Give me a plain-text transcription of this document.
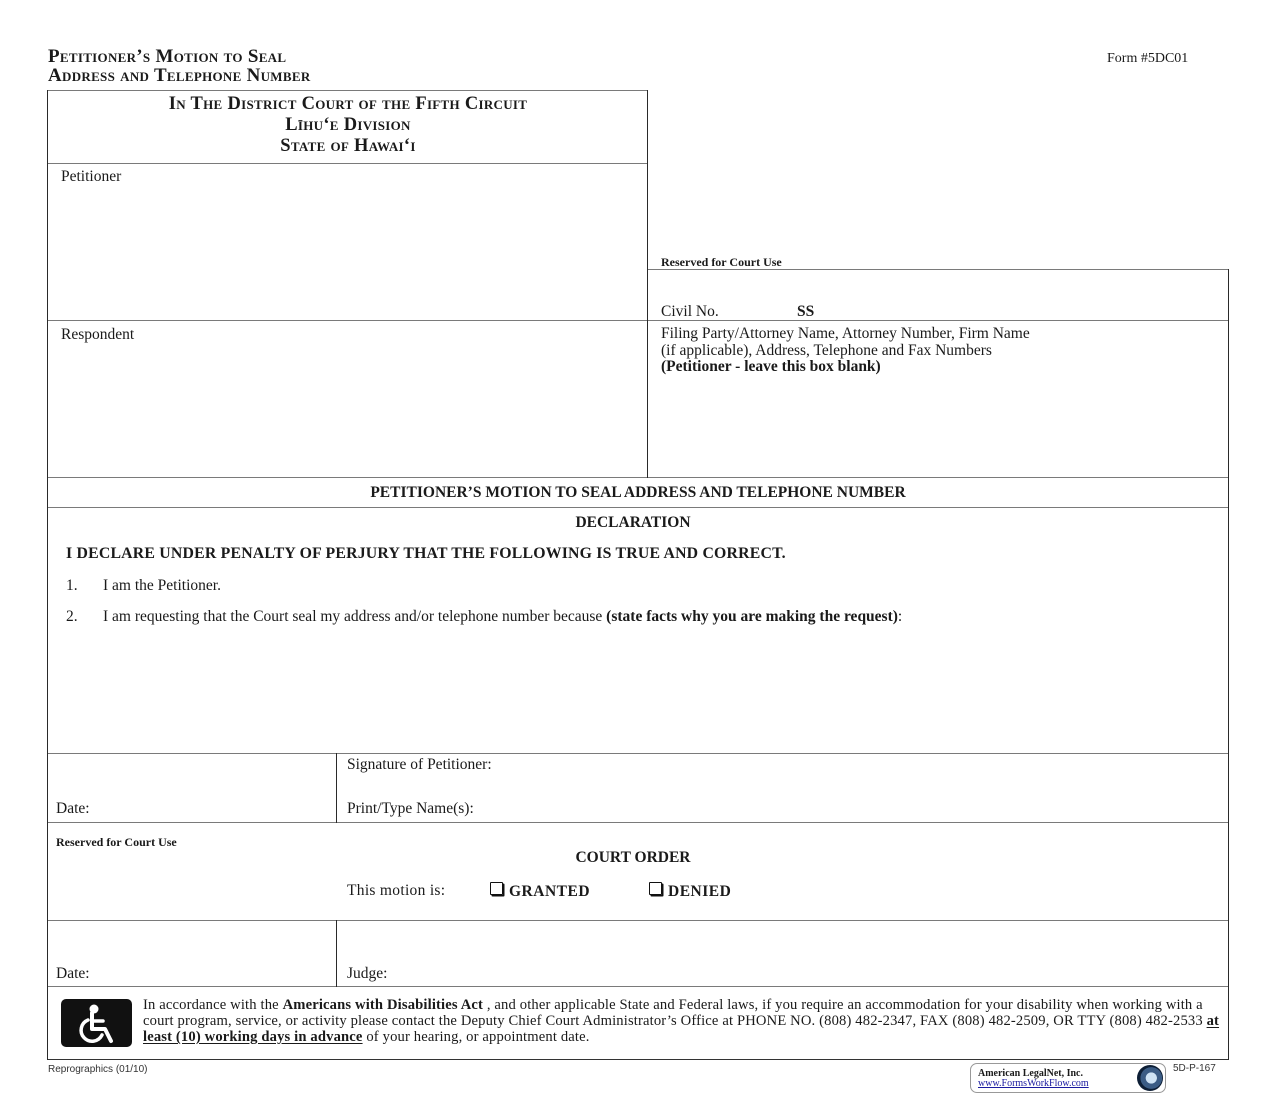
Petitioner’s Motion to Seal
Address and Telephone Number
Form #5DC01
In The District Court of the Fifth Circuit
Līhu‘e Division
State of Hawai‘i
Petitioner
Respondent
Reserved for Court Use
Civil No.	SS
Filing Party/Attorney Name, Attorney Number, Firm Name
(if applicable), Address, Telephone and Fax Numbers
(Petitioner - leave this box blank)
PETITIONER’S MOTION TO SEAL ADDRESS AND TELEPHONE NUMBER
DECLARATION
I DECLARE UNDER PENALTY OF PERJURY THAT THE FOLLOWING IS TRUE AND CORRECT.
1. I am the Petitioner.
2. I am requesting that the Court seal my address and/or telephone number because (state facts why you are making the request):
Date:
Signature of Petitioner:
Print/Type Name(s):
Reserved for Court Use
COURT ORDER
This motion is:	GRANTED	DENIED
Date:	Judge:
In accordance with the Americans with Disabilities Act , and other applicable State and Federal laws, if you require an accommodation for your disability when working with a court program, service, or activity please contact the Deputy Chief Court Administrator’s Office at PHONE NO. (808) 482-2347, FAX (808) 482-2509, OR TTY (808) 482-2533 at least (10) working days in advance of your hearing, or appointment date.
Reprographics (01/10)	American LegalNet, Inc.
www.FormsWorkFlow.com
5D-P-167
